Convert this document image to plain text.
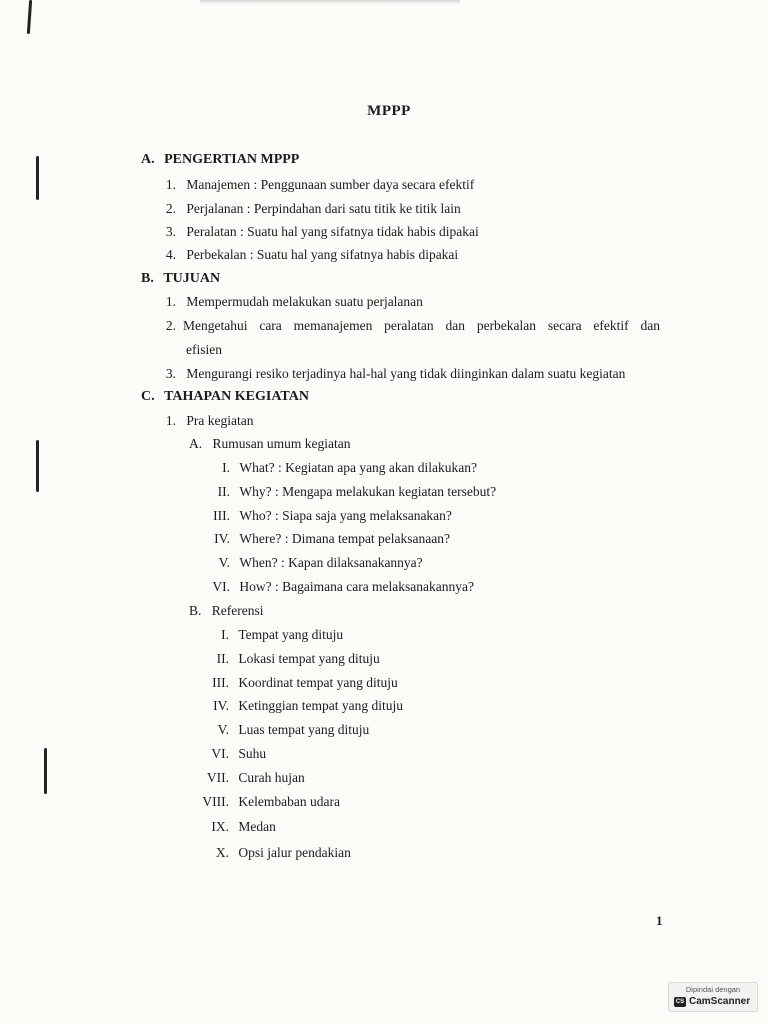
MPPP
A. PENGERTIAN MPPP
1. Manajemen : Penggunaan sumber daya secara efektif
2. Perjalanan : Perpindahan dari satu titik ke titik lain
3. Peralatan : Suatu hal yang sifatnya tidak habis dipakai
4. Perbekalan : Suatu hal yang sifatnya habis dipakai
B. TUJUAN
1. Mempermudah melakukan suatu perjalanan
2. Mengetahui cara memanajemen peralatan dan perbekalan secara efektif dan
efisien
3. Mengurangi resiko terjadinya hal-hal yang tidak diinginkan dalam suatu kegiatan
C. TAHAPAN KEGIATAN
1. Pra kegiatan
A. Rumusan umum kegiatan
I. What? : Kegiatan apa yang akan dilakukan?
II. Why? : Mengapa melakukan kegiatan tersebut?
III. Who? : Siapa saja yang melaksanakan?
IV. Where? : Dimana tempat pelaksanaan?
V. When? : Kapan dilaksanakannya?
VI. How? : Bagaimana cara melaksanakannya?
B. Referensi
I. Tempat yang dituju
II. Lokasi tempat yang dituju
III. Koordinat tempat yang dituju
IV. Ketinggian tempat yang dituju
V. Luas tempat yang dituju
VI. Suhu
VII. Curah hujan
VIII. Kelembaban udara
IX. Medan
X. Opsi jalur pendakian
1
Dipindai dengan
CS CamScanner
